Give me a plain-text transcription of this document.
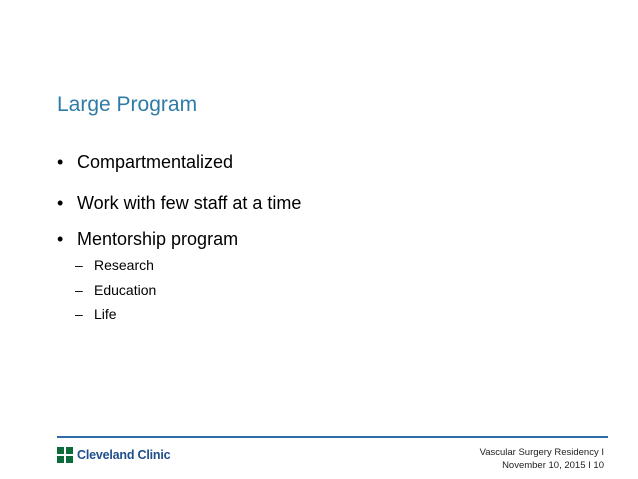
Large Program
• Compartmentalized
• Work with few staff at a time
• Mentorship program
– Research
– Education
– Life
Cleveland Clinic	Vascular Surgery Residency I
November 10, 2015 I 10
